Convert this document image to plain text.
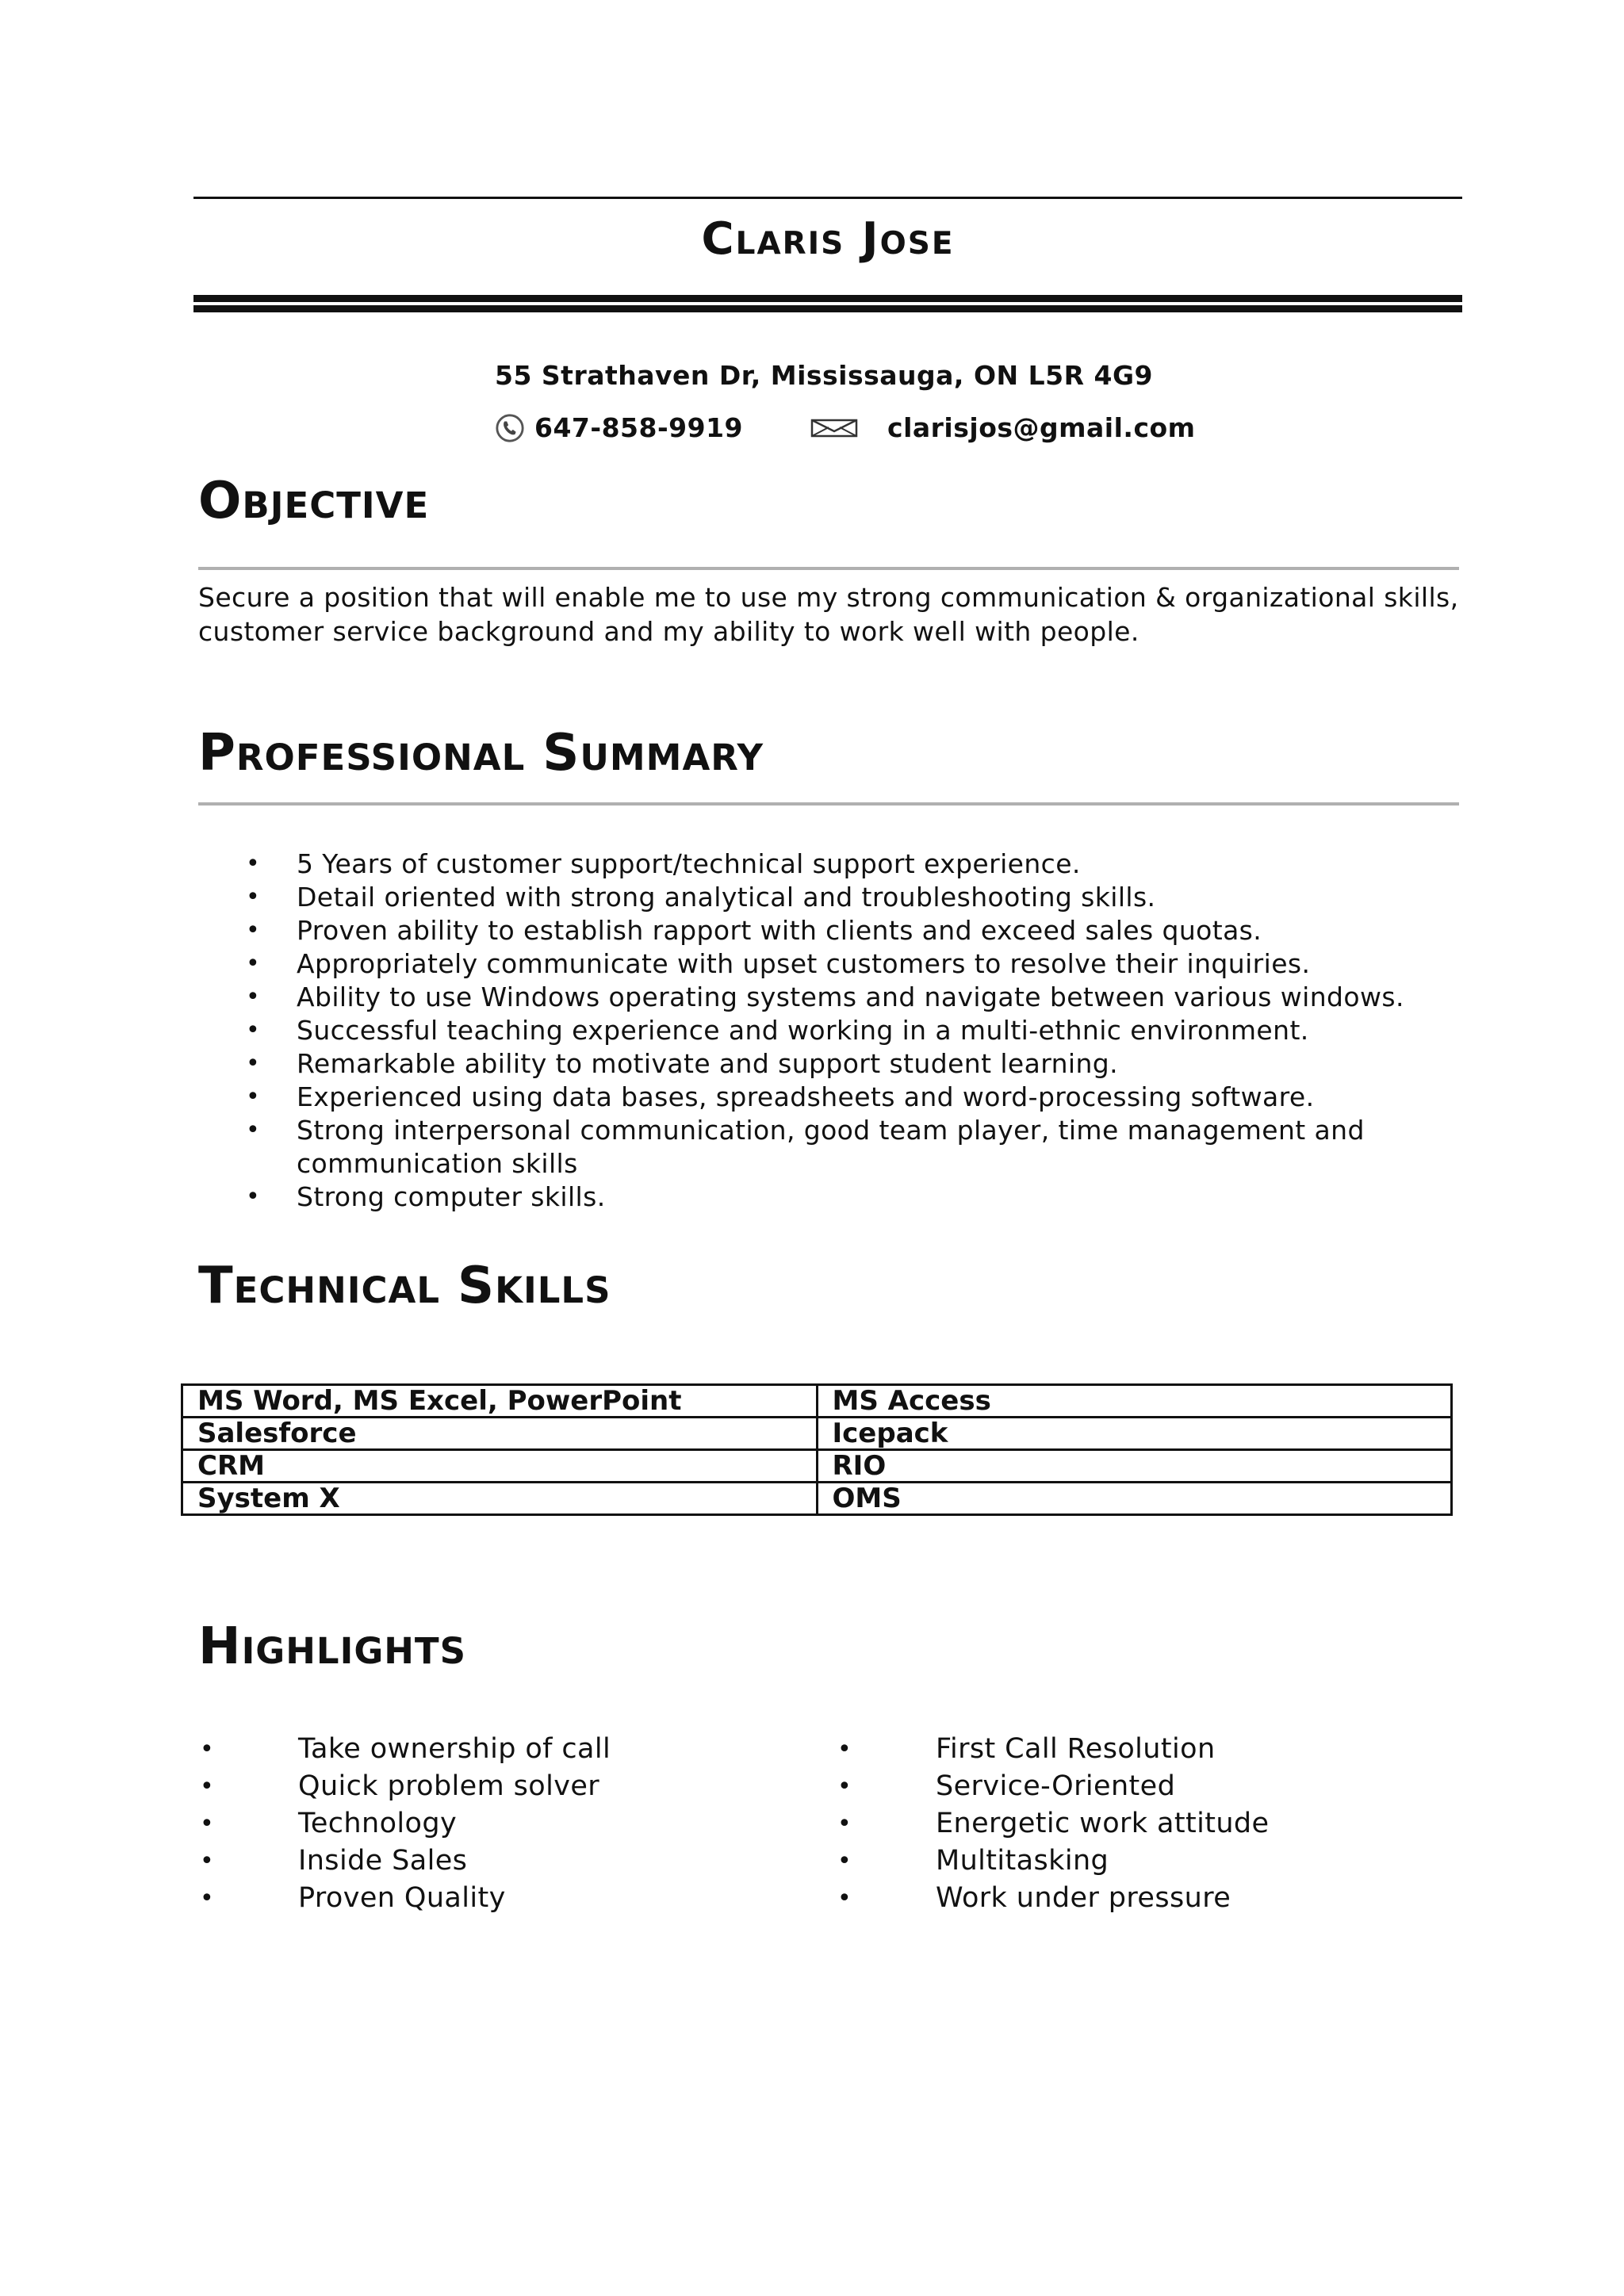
Claris Jose
55 Strathaven Dr, Mississauga, ON L5R 4G9
647-858-9919	clarisjos@gmail.com
Objective
Secure a position that will enable me to use my strong communication & organizational skills, customer service background and my ability to work well with people.
Professional Summary
• 5 Years of customer support/technical support experience.
• Detail oriented with strong analytical and troubleshooting skills.
• Proven ability to establish rapport with clients and exceed sales quotas.
• Appropriately communicate with upset customers to resolve their inquiries.
• Ability to use Windows operating systems and navigate between various windows.
• Successful teaching experience and working in a multi-ethnic environment.
• Remarkable ability to motivate and support student learning.
• Experienced using data bases, spreadsheets and word-processing software.
• Strong interpersonal communication, good team player, time management and communication skills
• Strong computer skills.
Technical Skills
MS Word, MS Excel, PowerPoint	MS Access
Salesforce	Icepack
CRM	RIO
System X	OMS
Highlights
• Take ownership of call
• Quick problem solver
• Technology
• Inside Sales
• Proven Quality
• First Call Resolution
• Service-Oriented
• Energetic work attitude
• Multitasking
• Work under pressure
